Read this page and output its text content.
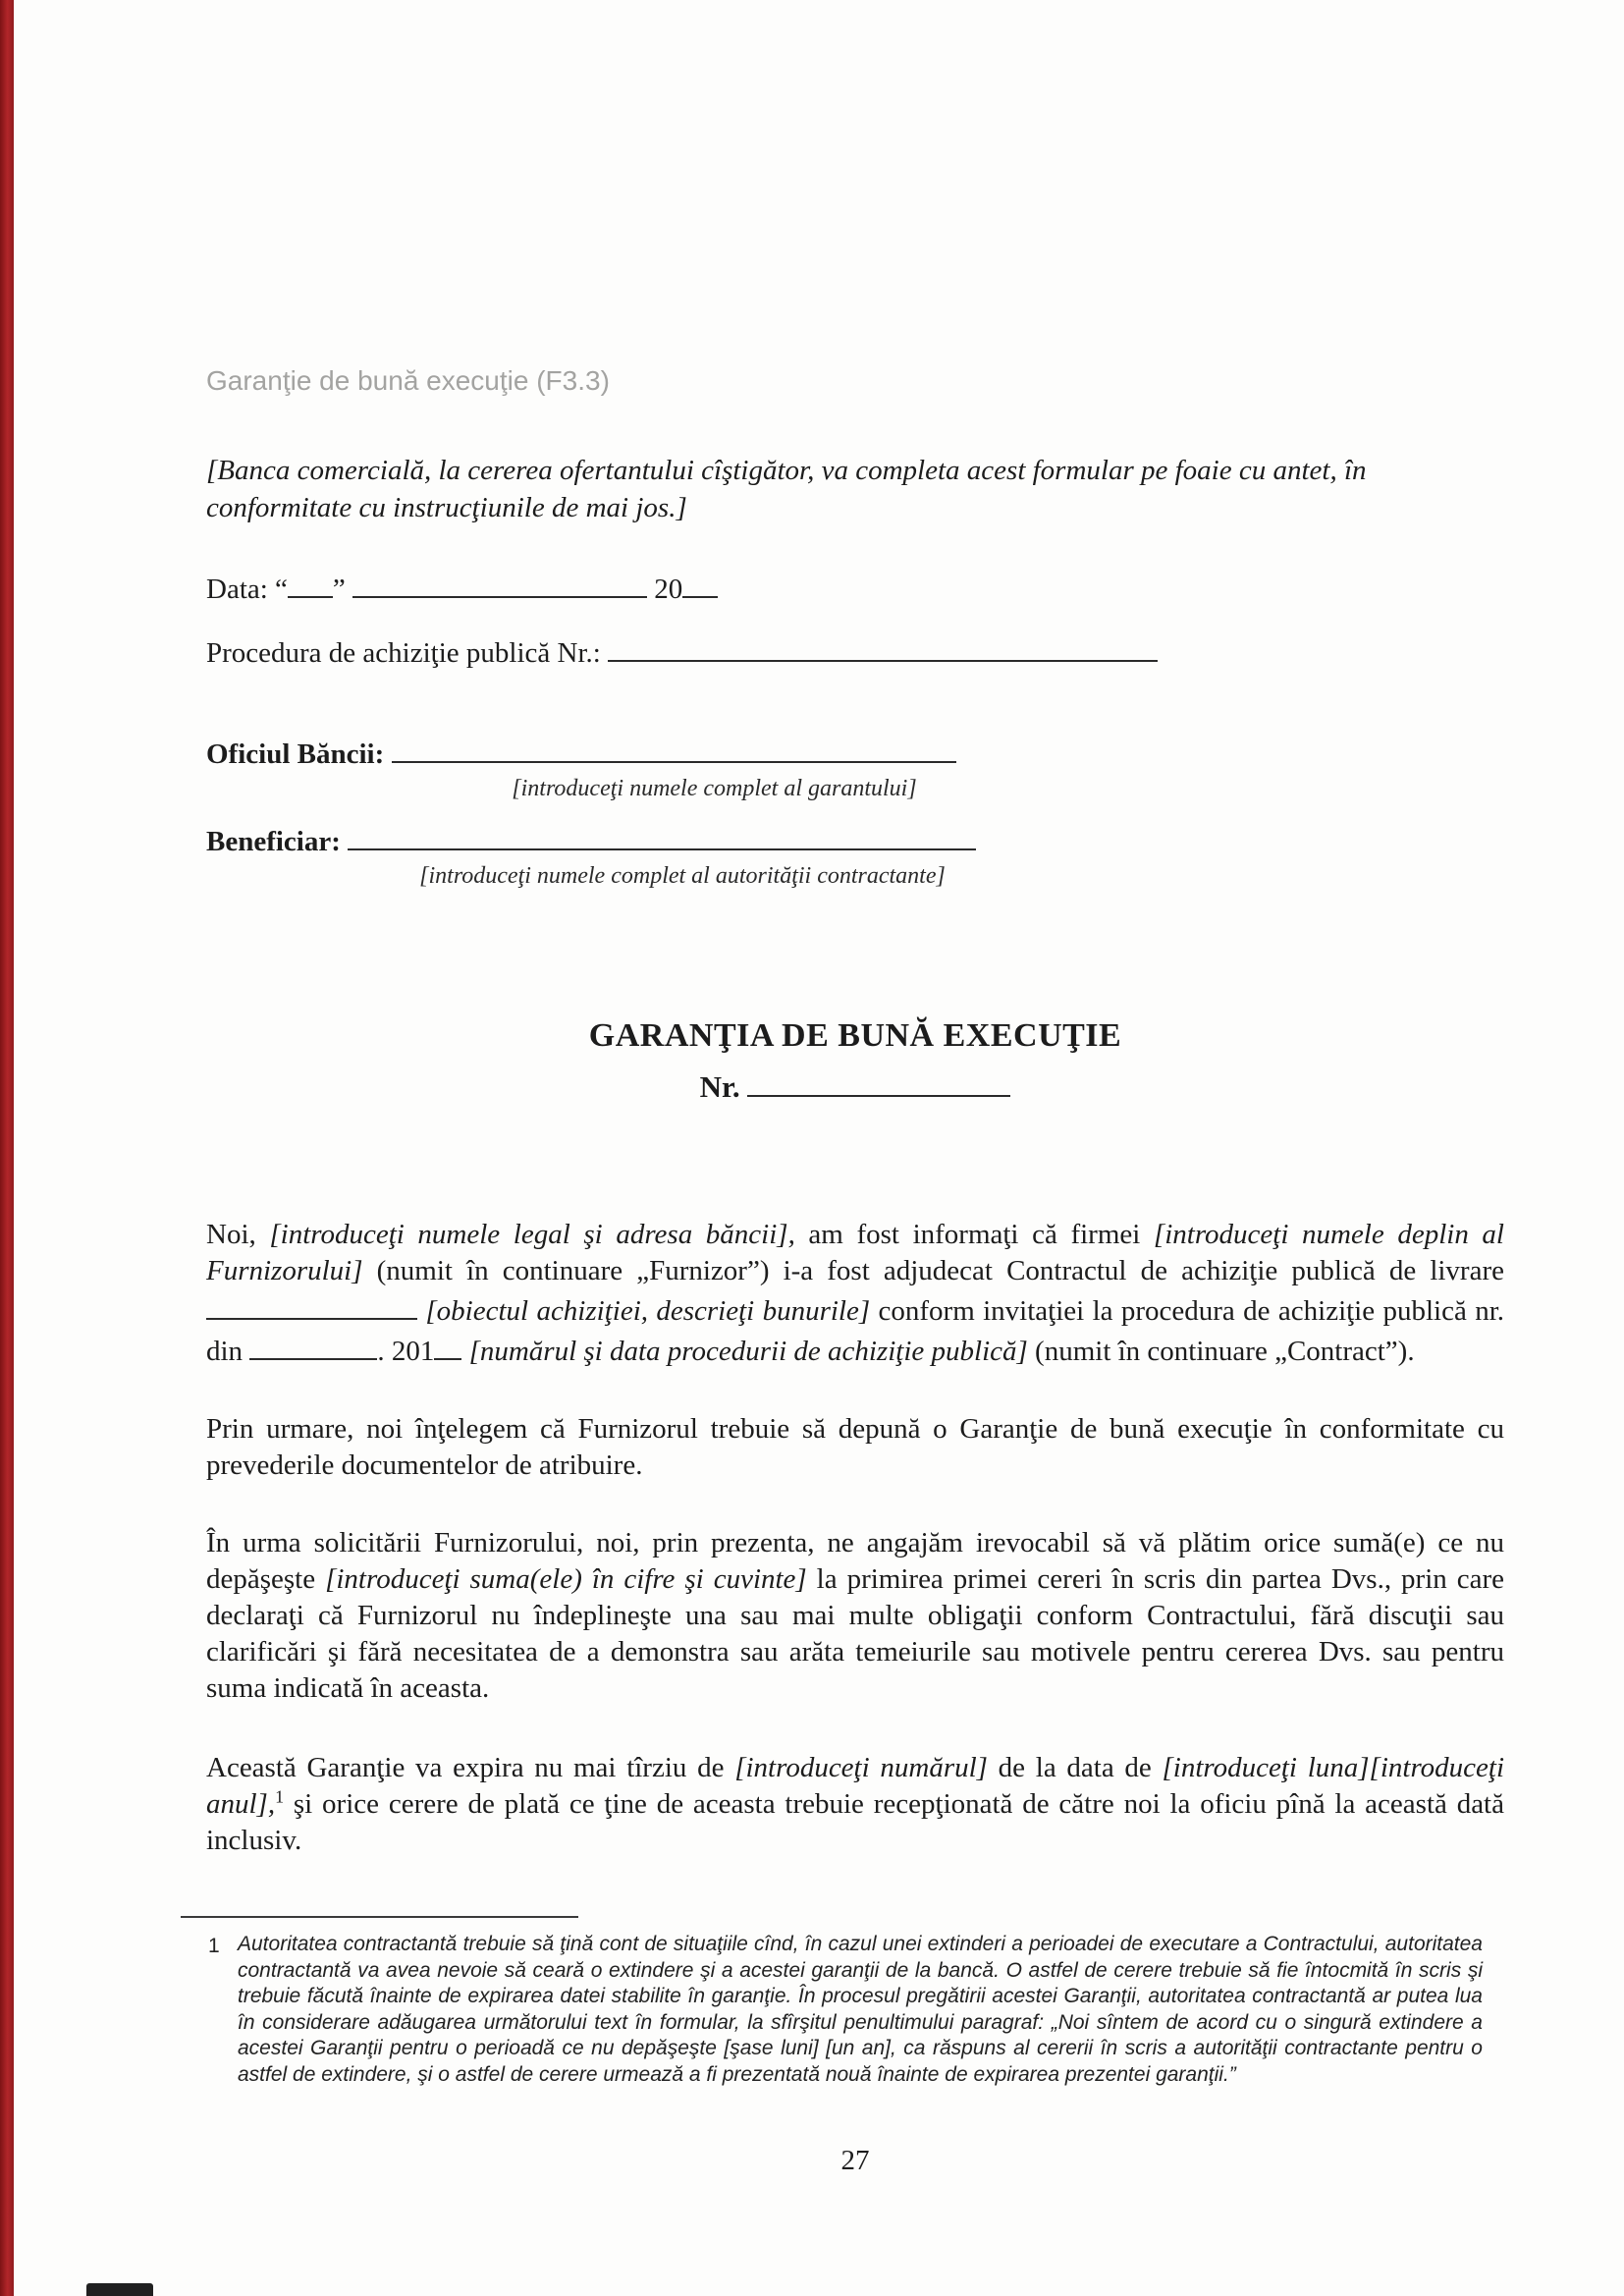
Garanţie de bună execuţie (F3.3)
[Banca comercială, la cererea ofertantului cîştigător, va completa acest formular pe foaie cu antet, în conformitate cu instrucţiunile de mai jos.]
Data: “ ”	20
Procedura de achiziţie publică Nr.:
Oficiul Băncii:
[introduceţi numele complet al garantului]
Beneficiar:
[introduceţi numele complet al autorităţii contractante]
GARANŢIA DE BUNĂ EXECUŢIE
Nr.
Noi, [introduceţi numele legal şi adresa băncii], am fost informaţi că firmei [introduceţi numele deplin al Furnizorului] (numit în continuare „Furnizor”) i-a fost adjudecat Contractul de achiziţie publică de livrare  [obiectul achiziţiei, descrieţi bunurile] conform invitaţiei la procedura de achiziţie publică nr. din	. 201 [numărul şi data procedurii de achiziţie publică] (numit în continuare „Contract”).
Prin urmare, noi înţelegem că Furnizorul trebuie să depună o Garanţie de bună execuţie în conformitate cu prevederile documentelor de atribuire.
În urma solicitării Furnizorului, noi, prin prezenta, ne angajăm irevocabil să vă plătim orice sumă(e) ce nu depăşeşte [introduceţi suma(ele) în cifre şi cuvinte] la primirea primei cereri în scris din partea Dvs., prin care declaraţi că Furnizorul nu îndeplineşte una sau mai multe obligaţii conform Contractului, fără discuţii sau clarificări şi fără necesitatea de a demonstra sau arăta temeiurile sau motivele pentru cererea Dvs. sau pentru suma indicată în aceasta.
Această Garanţie va expira nu mai tîrziu de [introduceţi numărul] de la data de [introduceţi luna][introduceţi anul],$^1$ şi orice cerere de plată ce ţine de aceasta trebuie recepţionată de către noi la oficiu pînă la această dată inclusiv.
1 Autoritatea contractantă trebuie să ţină cont de situaţiile cînd, în cazul unei extinderi a perioadei de executare a Contractului, autoritatea contractantă va avea nevoie să ceară o extindere şi a acestei garanţii de la bancă. O astfel de cerere trebuie să fie întocmită în scris şi trebuie făcută înainte de expirarea datei stabilite în garanţie. În procesul pregătirii acestei Garanţii, autoritatea contractantă ar putea lua în considerare adăugarea următorului text în formular, la sfîrşitul penultimului paragraf: „Noi sîntem de acord cu o singură extindere a acestei Garanţii pentru o perioadă ce nu depăşeşte [şase luni] [un an], ca răspuns al cererii în scris a autorităţii contractante pentru o astfel de extindere, şi o astfel de cerere urmează a fi prezentată nouă înainte de expirarea prezentei garanţii.”
27
